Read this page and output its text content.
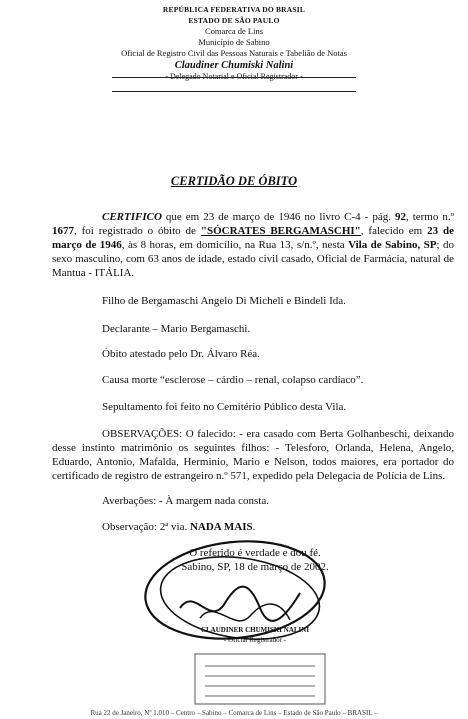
REPÚBLICA FEDERATIVA DO BRASIL
ESTADO DE SÃO PAULO
Comarca de Lins
Município de Sabino
Oficial de Registro Civil das Pessoas Naturais e Tabelião de Notas
Claudiner Chumiski Nalini
- Delegado Notarial e Oficial Registrador -
CERTIDÃO DE ÓBITO
CERTIFICO que em 23 de março de 1946 no livro C-4 - pág. 92, termo n.º 1677, foi registrado o óbito de "SÓCRATES BERGAMASCHI", falecido em 23 de março de 1946, às 8 horas, em domicílio, na Rua 13, s/n.º, nesta Vila de Sabino, SP; do sexo masculino, com 63 anos de idade, estado civil casado, Oficial de Farmácia, natural de Mantua - ITÁLIA.
Filho de Bergamaschi Angelo Di Micheli e Bindeli Ida.
Declarante – Mario Bergamaschi.
Óbito atestado pelo Dr. Álvaro Réa.
Causa morte “esclerose – cárdio – renal, colapso cardíaco”.
Sepultamento foi feito no Cemitério Público desta Vila.
OBSERVAÇÕES: O falecido: - era casado com Berta Golhanbeschi, deixando desse instinto matrimônio os seguintes filhos: - Telesforo, Orlanda, Helena, Angelo, Eduardo, Antonio, Mafalda, Herminio, Mario e Nelson, todos maiores, era portador do certificado de registro de estrangeiro n.º 571, expedido pela Delegacia de Polícia de Lins.
Averbações: - À margem nada consta.
Observação: 2ª via. NADA MAIS.
O referido é verdade e dou fé.
Sabino, SP, 18 de março de 2002.
CLAUDINER CHUMISKI NALINI
- Oficial Registrador -
Rua 22 de Janeiro, Nº 1.010 – Centro – Sabino – Comarca de Lins – Estado de São Paulo – BRASIL –
